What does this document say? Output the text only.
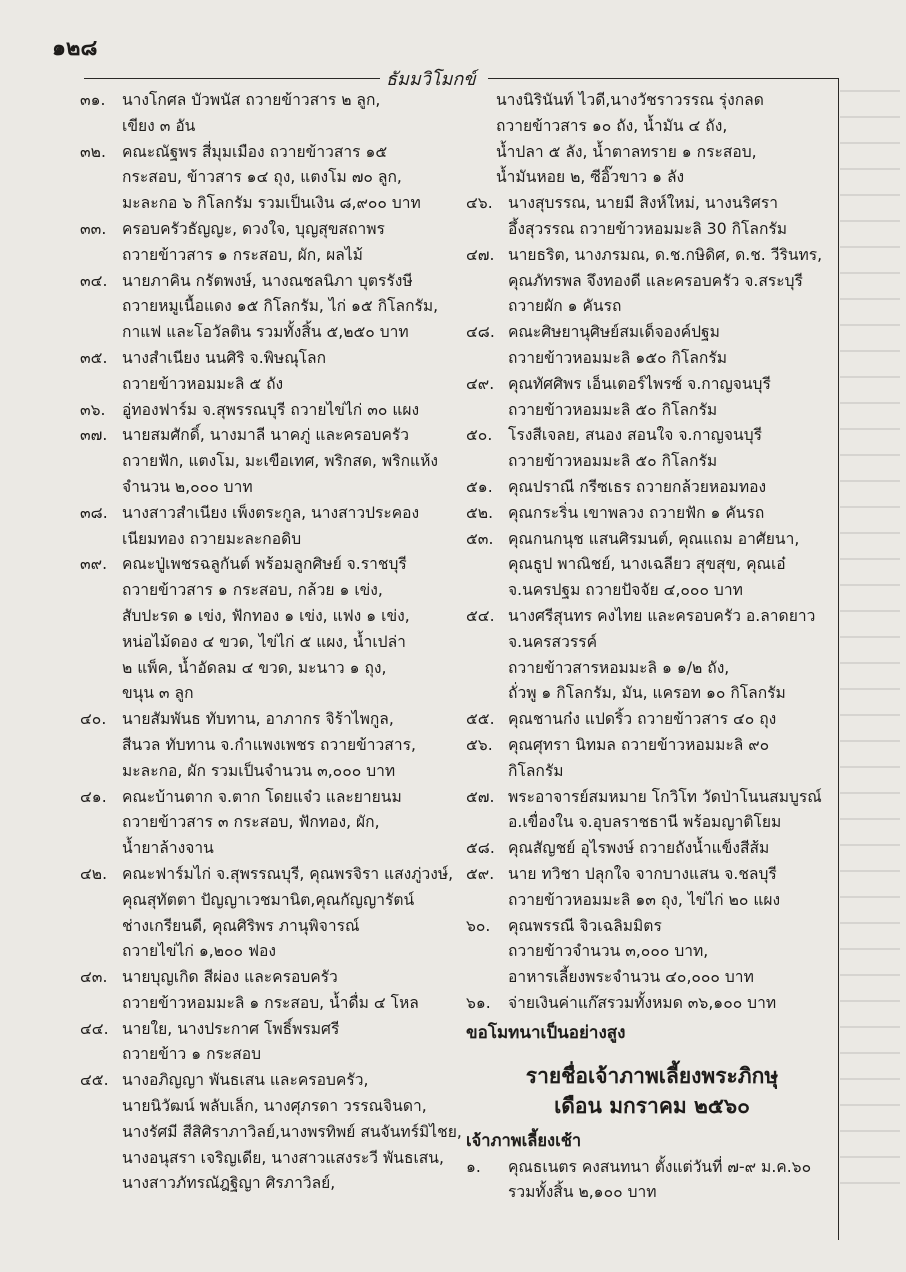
๑๒๘
ธัมมวิโมกข์
๓๑.	นางโกศล บัวพนัส ถวายข้าวสาร ๒ ลูก,
เขียง ๓ อัน
๓๒.	คณะณัฐพร สี่มุมเมือง ถวายข้าวสาร ๑๕
กระสอบ, ข้าวสาร ๑๔ ถุง, แตงโม ๗๐ ลูก,
มะละกอ ๖ กิโลกรัม รวมเป็นเงิน ๘,๙๐๐ บาท
๓๓.	ครอบครัวธัญญะ, ดวงใจ, บุญสุขสถาพร
ถวายข้าวสาร ๑ กระสอบ, ผัก, ผลไม้
๓๔. นายภาคิน กรัตพงษ์, นางณชลนิภา บุตรรังษี
ถวายหมูเนื้อแดง ๑๕ กิโลกรัม, ไก่ ๑๕ กิโลกรัม,
กาแฟ และโอวัลติน รวมทั้งสิ้น ๕,๒๕๐ บาท
๓๕. นางสำเนียง นนศิริ จ.พิษณุโลก
ถวายข้าวหอมมะลิ ๕ ถัง
๓๖.	อู่ทองฟาร์ม จ.สุพรรณบุรี ถวายไข่ไก่ ๓๐ แผง
๓๗. นายสมศักดิ์, นางมาลี นาคภู่ และครอบครัว
ถวายฟัก, แตงโม, มะเขือเทศ, พริกสด, พริกแห้ง
จำนวน ๒,๐๐๐ บาท
๓๘. นางสาวสำเนียง เพ็งตระกูล, นางสาวประคอง
เนียมทอง ถวายมะละกอดิบ
๓๙. คณะปู่เพชรฉลูกันต์ พร้อมลูกศิษย์ จ.ราชบุรี
ถวายข้าวสาร ๑ กระสอบ, กล้วย ๑ เข่ง,
สับปะรด ๑ เข่ง, ฟักทอง ๑ เข่ง, แฟง ๑ เข่ง,
หน่อไม้ดอง ๔ ขวด, ไข่ไก่ ๕ แผง, น้ำเปล่า
๒ แพ็ค, น้ำอัดลม ๔ ขวด, มะนาว ๑ ถุง,
ขนุน ๓ ลูก
๔๐.	นายสัมพันธ ทับทาน, อาภากร จิร้าไพกูล,
สีนวล ทับทาน จ.กำแพงเพชร ถวายข้าวสาร,
มะละกอ, ผัก รวมเป็นจำนวน ๓,๐๐๐ บาท
๔๑. คณะบ้านตาก จ.ตาก โดยแจ๋ว และยายนม
ถวายข้าวสาร ๓ กระสอบ, ฟักทอง, ผัก,
น้ำยาล้างจาน
๔๒. คณะฟาร์มไก่ จ.สุพรรณบุรี, คุณพรจิรา แสงภู่วงษ์,
คุณสุทัตตา ปัญญาเวชมานิต,คุณกัญญารัตน์
ช่างเกรียนดี, คุณศิริพร ภานุพิจารณ์
ถวายไข่ไก่ ๑,๒๐๐ ฟอง
๔๓. นายบุญเกิด สีผ่อง และครอบครัว
ถวายข้าวหอมมะลิ ๑ กระสอบ, น้ำดื่ม ๔ โหล
๔๔. นายใย, นางประกาศ โพธิ์พรมศรี
ถวายข้าว ๑ กระสอบ
๔๕. นางอภิญญา พันธเสน และครอบครัว,
นายนิวัฒน์ พลับเล็ก, นางศุภรดา วรรณจินดา,
นางรัศมี สีสิศิราภาวิลย์,นางพรทิพย์ สนจันทร์มิไชย,
นางอนุสรา เจริญเดีย, นางสาวแสงระวี พันธเสน,
นางสาวภัทรณัฎฐิญา ศิรภาวิลย์,
นางนิรินันท์ ไวดี,นางวัชราวรรณ รุ่งกลด
ถวายข้าวสาร ๑๐ ถัง, น้ำมัน ๔ ถัง,
น้ำปลา ๕ ลัง, น้ำตาลทราย ๑ กระสอบ,
น้ำมันหอย ๒, ซีอิ๊วขาว ๑ ลัง
๔๖. นางสุบรรณ, นายมี สิงห์ใหม่, นางนริศรา
อึ้งสุวรรณ ถวายข้าวหอมมะลิ 30 กิโลกรัม
๔๗. นายธริต, นางภรมณ, ด.ช.กษิดิศ, ด.ช. วีรินทร,
คุณภัทรพล จึงทองดี และครอบครัว จ.สระบุรี
ถวายผัก ๑ คันรถ
๔๘. คณะศิษยานุศิษย์สมเด็จองค์ปฐม
ถวายข้าวหอมมะลิ ๑๕๐ กิโลกรัม
๔๙. คุณทัศศิพร เอ็นเตอร์ไพรซ์ จ.กาญจนบุรี
ถวายข้าวหอมมะลิ ๕๐ กิโลกรัม
๕๐.	โรงสีเจลย, สนอง สอนใจ จ.กาญจนบุรี
ถวายข้าวหอมมะลิ ๕๐ กิโลกรัม
๕๑. คุณปราณี กรีซเธร ถวายกล้วยหอมทอง
๕๒. คุณกระริ่น เขาพลวง ถวายฟัก ๑ คันรถ
๕๓. คุณกนกนุช แสนศิรมนต์, คุณแถม อาศัยนา,
คุณธูป พาณิชย์, นางเฉลียว สุขสุข, คุณเอ๋
จ.นครปฐม ถวายปัจจัย ๔,๐๐๐ บาท
๕๔. นางศรีสุนทร คงไทย และครอบครัว อ.ลาดยาว
จ.นครสวรรค์
ถวายข้าวสารหอมมะลิ ๑ ๑/๒ ถัง,
ถั่วพู ๑ กิโลกรัม, มัน, แครอท ๑๐ กิโลกรัม
๕๕. คุณชานก๋ง แปดริ้ว ถวายข้าวสาร ๔๐ ถุง
๕๖. คุณศุทรา นิทมล ถวายข้าวหอมมะลิ ๙๐
กิโลกรัม
๕๗. พระอาจารย์สมหมาย โกวิโท วัดป่าโนนสมบูรณ์
อ.เขื่องใน จ.อุบลราชธานี พร้อมญาติโยม
๕๘. คุณสัญชย์ อุไรพงษ์ ถวายถังน้ำแข็งสีส้ม
๕๙. นาย ทวิชา ปลุกใจ จากบางแสน จ.ชลบุรี
ถวายข้าวหอมมะลิ ๑๓ ถุง, ไข่ไก่ ๒๐ แผง
๖๐.	คุณพรรณี จิวเฉลิมมิตร
ถวายข้าวจำนวน ๓,๐๐๐ บาท,
อาหารเลี้ยงพระจำนวน ๔๐,๐๐๐ บาท
๖๑.	จ่ายเงินค่าแก๊สรวมทั้งหมด ๓๖,๑๐๐ บาท
ขอโมทนาเป็นอย่างสูง
รายชื่อเจ้าภาพเลี้ยงพระภิกษุ
เดือน มกราคม ๒๕๖๐
เจ้าภาพเลี้ยงเช้า
๑.	คุณธเนตร คงสนทนา ตั้งแต่วันที่ ๗-๙ ม.ค.๖๐
รวมทั้งสิ้น ๒,๑๐๐ บาท
